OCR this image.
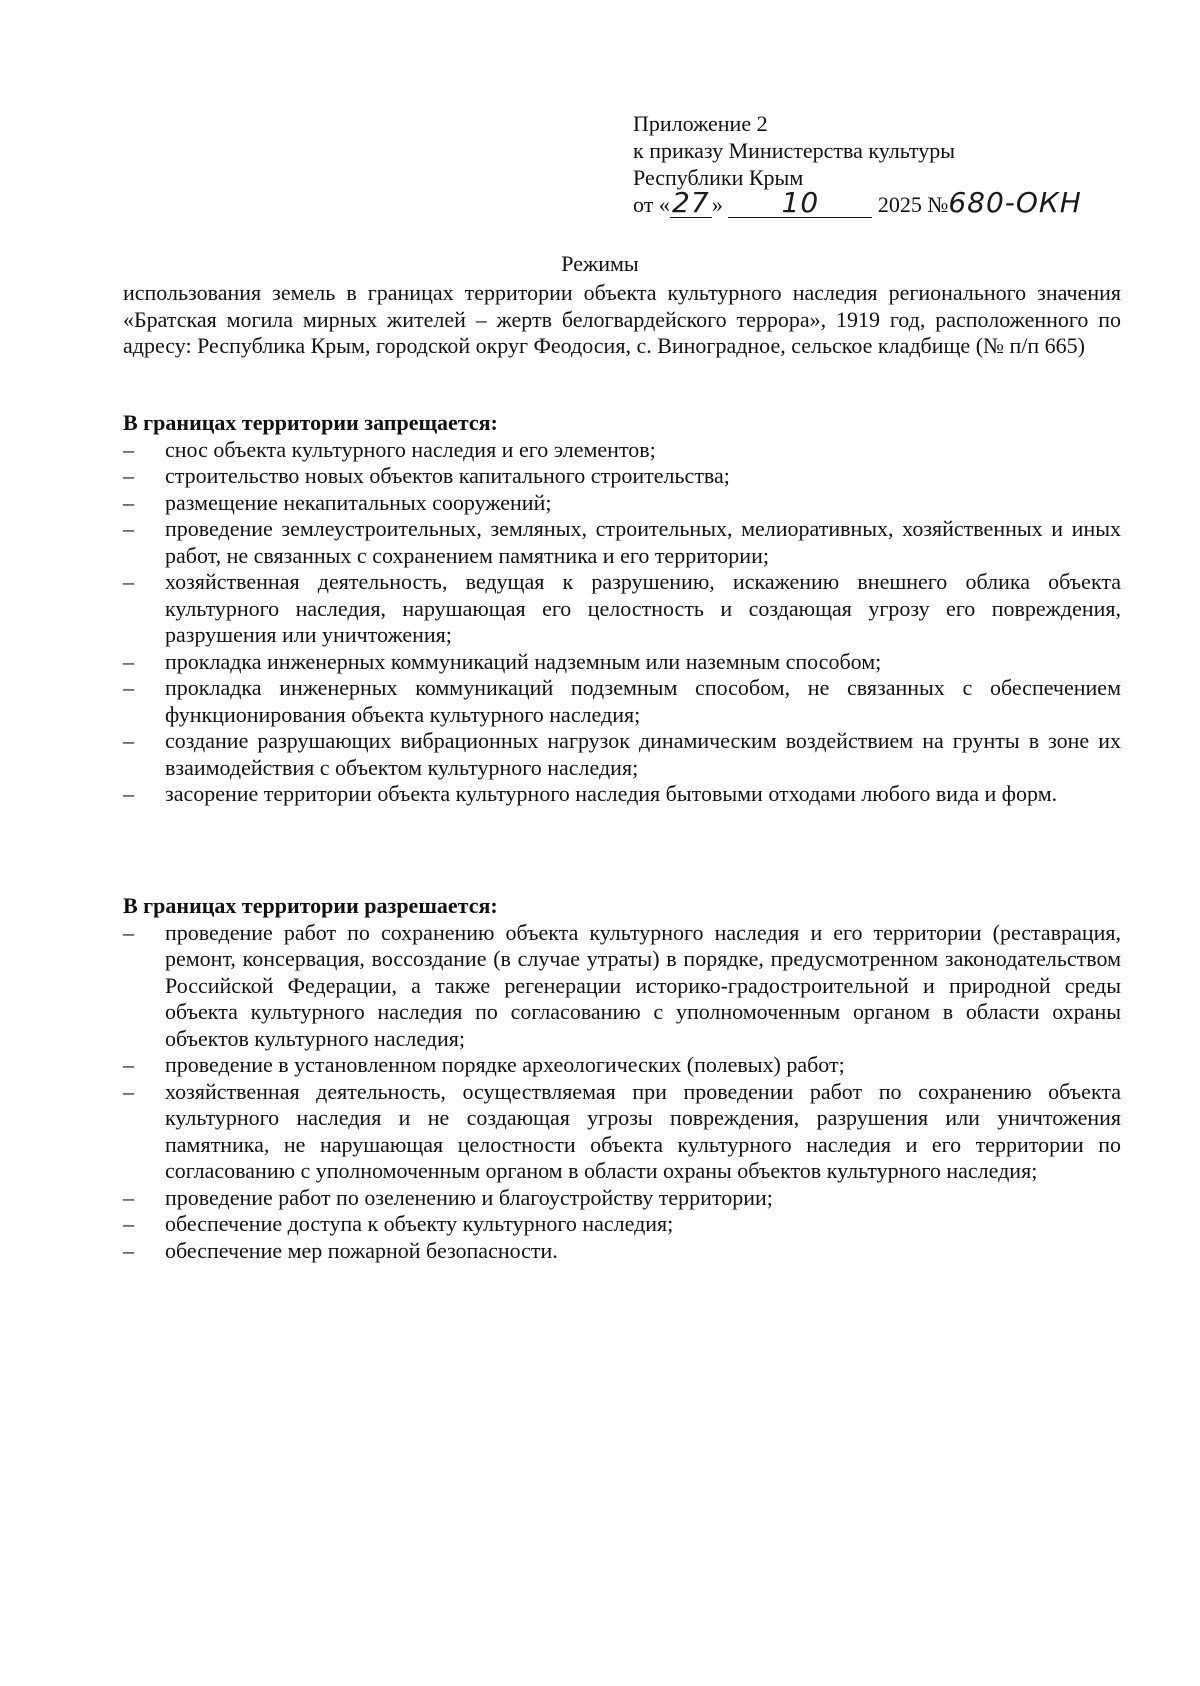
Приложение 2
к приказу Министерства культуры
Республики Крым
от «27» 10	2025 №680-ОКН
Режимы
использования земель в границах территории объекта культурного наследия регионального значения «Братская могила мирных жителей – жертв белогвардейского террора», 1919 год, расположенного по адресу: Республика Крым, городской округ Феодосия, с. Виноградное, сельское кладбище (№ п/п 665)

В границах территории запрещается:

– снос объекта культурного наследия и его элементов;
– строительство новых объектов капитального строительства;
– размещение некапитальных сооружений;
– проведение землеустроительных, земляных, строительных, мелиоративных, хозяйственных и иных работ, не связанных с сохранением памятника и его территории;
– хозяйственная деятельность, ведущая к разрушению, искажению внешнего облика объекта культурного наследия, нарушающая его целостность и создающая угрозу его повреждения, разрушения или уничтожения;
– прокладка инженерных коммуникаций надземным или наземным способом;
– прокладка инженерных коммуникаций подземным способом, не связанных с обеспечением функционирования объекта культурного наследия;
– создание разрушающих вибрационных нагрузок динамическим воздействием на грунты в зоне их взаимодействия с объектом культурного наследия;
– засорение территории объекта культурного наследия бытовыми отходами любого вида и форм.

В границах территории разрешается:

– проведение работ по сохранению объекта культурного наследия и его территории (реставрация, ремонт, консервация, воссоздание (в случае утраты) в порядке, предусмотренном законодательством Российской Федерации, а также регенерации историко-градостроительной и природной среды объекта культурного наследия по согласованию с уполномоченным органом в области охраны объектов культурного наследия;
– проведение в установленном порядке археологических (полевых) работ;
– хозяйственная деятельность, осуществляемая при проведении работ по сохранению объекта культурного наследия и не создающая угрозы повреждения, разрушения или уничтожения памятника, не нарушающая целостности объекта культурного наследия и его территории по согласованию с уполномоченным органом в области охраны объектов культурного наследия;
– проведение работ по озеленению и благоустройству территории;
– обеспечение доступа к объекту культурного наследия;
– обеспечение мер пожарной безопасности.
